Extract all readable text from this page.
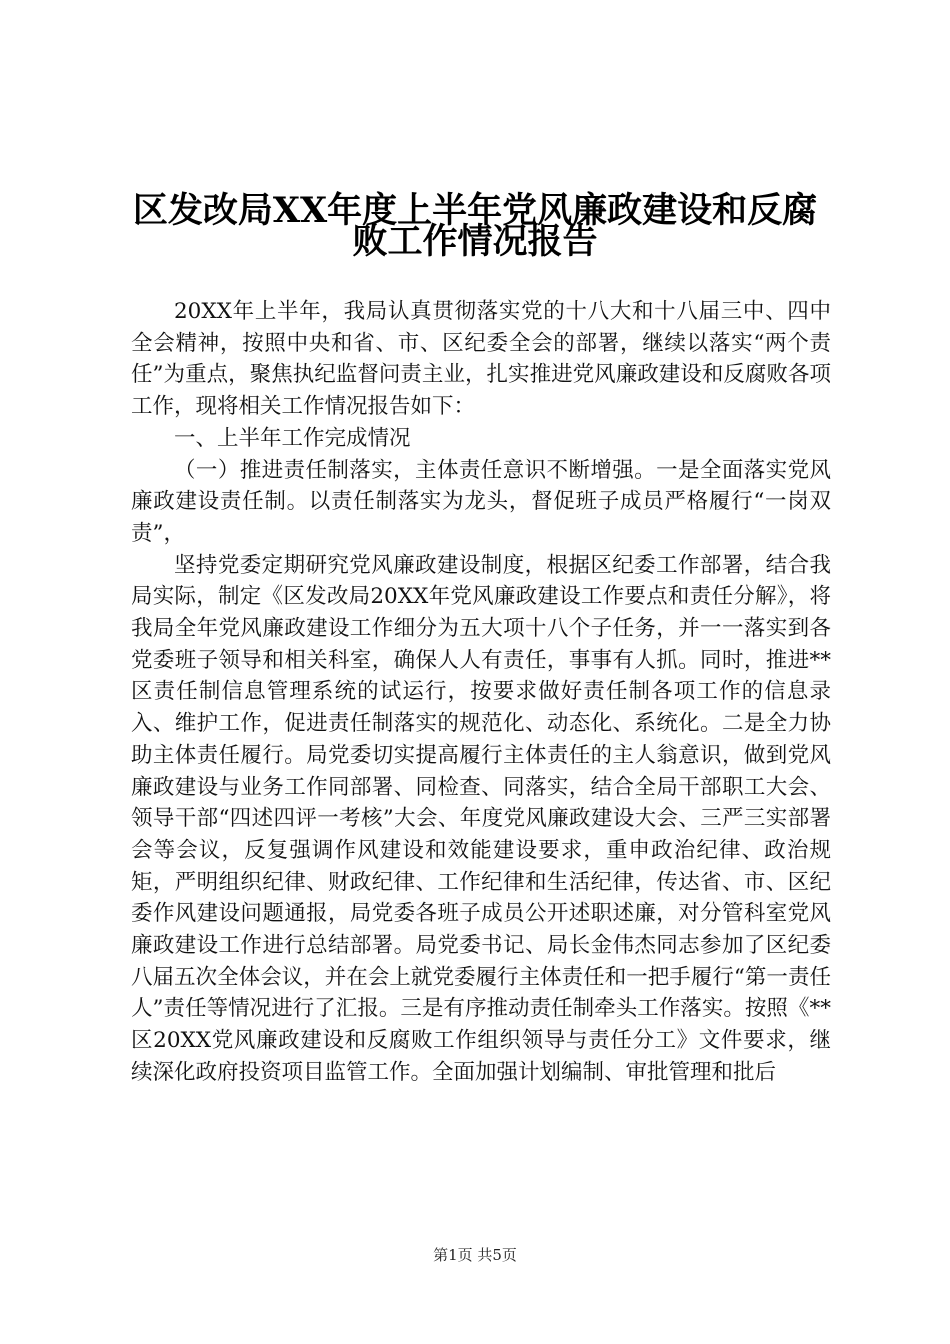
区发改局XX年度上半年党风廉政建设和反腐
败工作情况报告

20XX年上半年，我局认真贯彻落实党的十八大和十八届三中、四中全会精神，按照中央和省、市、区纪委全会的部署，继续以落实“两个责任”为重点，聚焦执纪监督问责主业，扎实推进党风廉政建设和反腐败各项工作，现将相关工作情况报告如下：

一、上半年工作完成情况

（一）推进责任制落实，主体责任意识不断增强。一是全面落实党风廉政建设责任制。以责任制落实为龙头，督促班子成员严格履行“一岗双责”，

坚持党委定期研究党风廉政建设制度，根据区纪委工作部署，结合我局实际，制定《区发改局20XX年党风廉政建设工作要点和责任分解》，将我局全年党风廉政建设工作细分为五大项十八个子任务，并一一落实到各党委班子领导和相关科室，确保人人有责任，事事有人抓。同时，推进**区责任制信息管理系统的试运行，按要求做好责任制各项工作的信息录入、维护工作，促进责任制落实的规范化、动态化、系统化。二是全力协助主体责任履行。局党委切实提高履行主体责任的主人翁意识，做到党风廉政建设与业务工作同部署、同检查、同落实，结合全局干部职工大会、领导干部“四述四评一考核”大会、年度党风廉政建设大会、三严三实部署会等会议，反复强调作风建设和效能建设要求，重申政治纪律、政治规矩，严明组织纪律、财政纪律、工作纪律和生活纪律，传达省、市、区纪委作风建设问题通报，局党委各班子成员公开述职述廉，对分管科室党风廉政建设工作进行总结部署。局党委书记、局长金伟杰同志参加了区纪委八届五次全体会议，并在会上就党委履行主体责任和一把手履行“第一责任人”责任等情况进行了汇报。三是有序推动责任制牵头工作落实。按照《**区20XX党风廉政建设和反腐败工作组织领导与责任分工》文件要求，继续深化政府投资项目监管工作。全面加强计划编制、审批管理和批后

第1页 共5页
